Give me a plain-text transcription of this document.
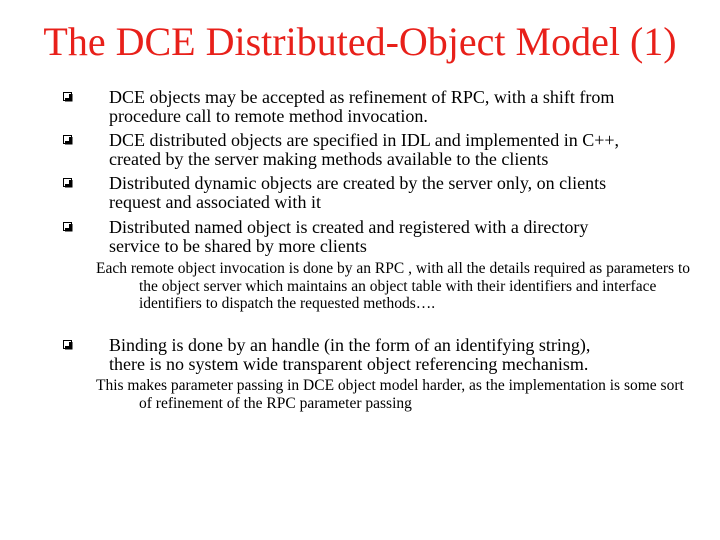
The DCE Distributed-Object Model (1)
DCE objects may be accepted as refinement of RPC, with a shift from procedure call to remote method invocation.
DCE distributed objects are specified in IDL and implemented in C++, created by the server making methods available to the clients
Distributed dynamic objects are created by the server only, on clients request and associated with it
Distributed named object is created and registered with a directory service to be shared by more clients
Each remote object invocation is done by an RPC , with all the details required as parameters to the object server which maintains an object table with their identifiers and interface identifiers to dispatch the requested methods….
Binding is done by an handle (in the form of an identifying string), there is no system wide transparent object referencing mechanism.
This makes parameter passing in DCE object model harder, as the implementation is some sort of refinement of the RPC parameter passing
